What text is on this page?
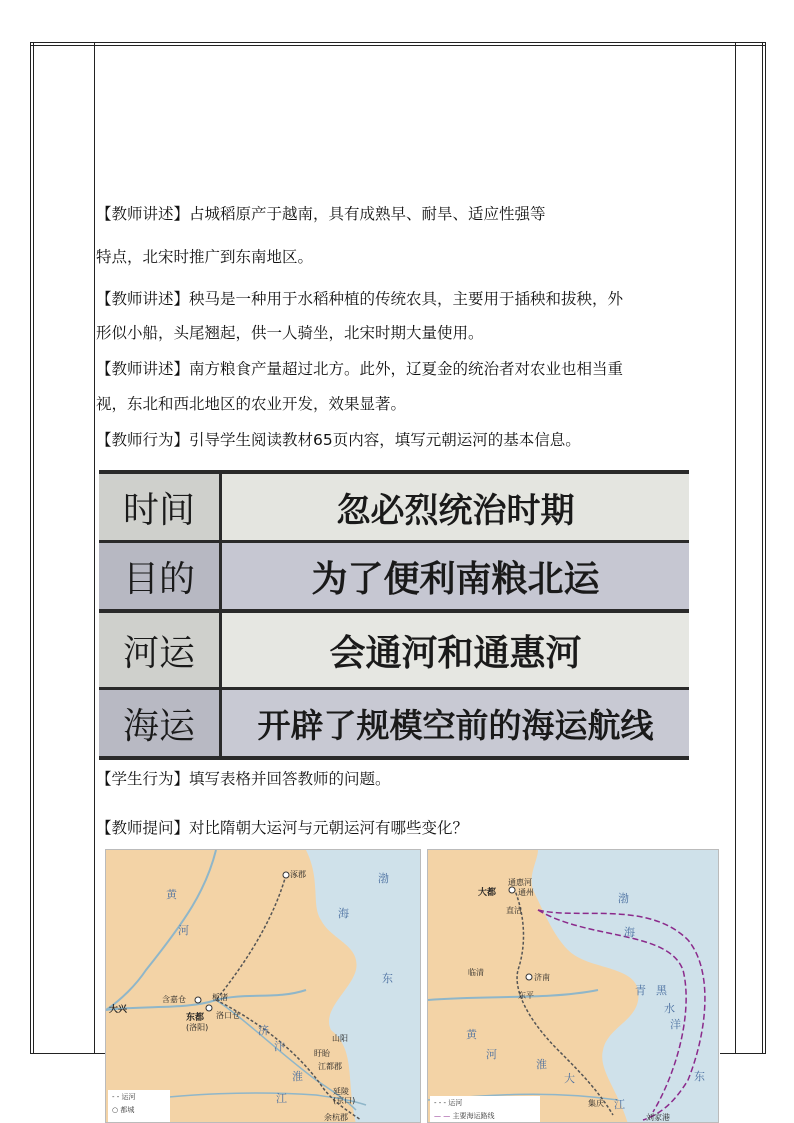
【教师讲述】占城稻原产于越南，具有成熟早、耐旱、适应性强等
特点，北宋时推广到东南地区。
【教师讲述】秧马是一种用于水稻种植的传统农具，主要用于插秧和拔秧，外
形似小船，头尾翘起，供一人骑坐，北宋时期大量使用。
【教师讲述】南方粮食产量超过北方。此外，辽夏金的统治者对农业也相当重
视，东北和西北地区的农业开发，效果显著。
【教师行为】引导学生阅读教材65页内容，填写元朝运河的基本信息。
时间	忽必烈统治时期
目的	为了便利南粮北运
河运	会通河和通惠河
海运	开辟了规模空前的海运航线
【学生行为】填写表格并回答教师的问题。
【教师提问】对比隋朝大运河与元朝运河有哪些变化？
涿郡
大兴
含嘉仓	板渚
东都
(洛阳)
洛口仓
山阳
盱眙
江都郡
延陵
(京口)
余杭郡
渤
海
东
黄
河
济
汴
淮
江
- - 运河
○ 都城
大都	通州
通惠河
直沽
临清
济南
东平
集庆
刘家港
渤
海
青 黑
水
洋
东
大
黄
河
淮
江
- - - 运河
— — 主要海运路线
